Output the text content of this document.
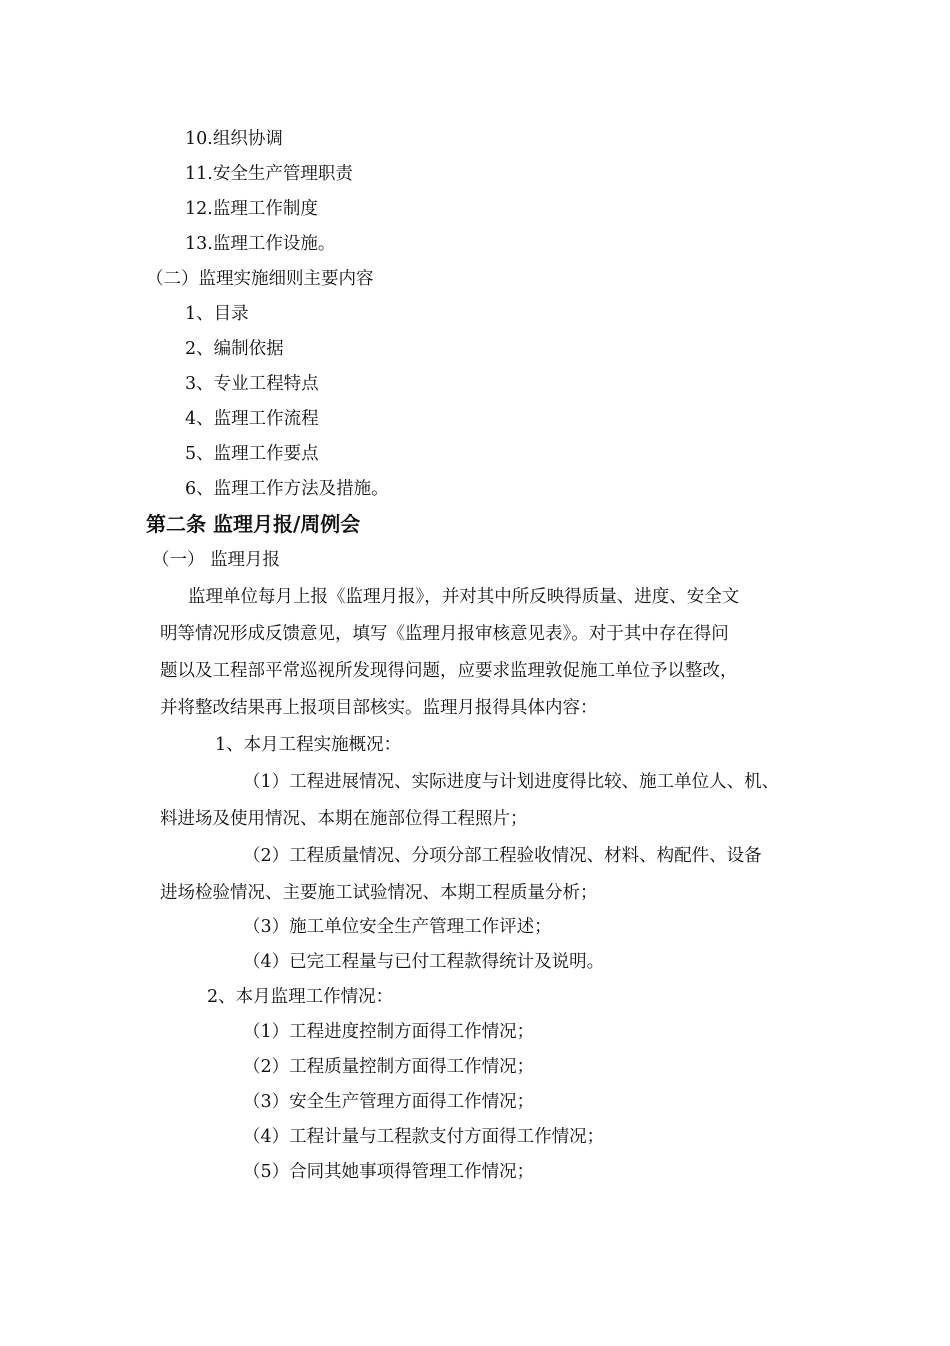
10.组织协调
11.安全生产管理职责
12.监理工作制度
13.监理工作设施。
（二）监理实施细则主要内容
1、目录
2、编制依据
3、专业工程特点
4、监理工作流程
5、监理工作要点
6、监理工作方法及措施。
第二条 监理月报/周例会
（一） 监理月报
监理单位每月上报《监理月报》，并对其中所反映得质量、进度、安全文
明等情况形成反馈意见，填写《监理月报审核意见表》。对于其中存在得问
题以及工程部平常巡视所发现得问题，应要求监理敦促施工单位予以整改，
并将整改结果再上报项目部核实。监理月报得具体内容：
1、本月工程实施概况：
（1）工程进展情况、实际进度与计划进度得比较、施工单位人、机、
料进场及使用情况、本期在施部位得工程照片；
（2）工程质量情况、分项分部工程验收情况、材料、构配件、设备
进场检验情况、主要施工试验情况、本期工程质量分析；
（3）施工单位安全生产管理工作评述；
（4）已完工程量与已付工程款得统计及说明。
2、本月监理工作情况：
（1）工程进度控制方面得工作情况；
（2）工程质量控制方面得工作情况；
（3）安全生产管理方面得工作情况；
（4）工程计量与工程款支付方面得工作情况；
（5）合同其她事项得管理工作情况；
